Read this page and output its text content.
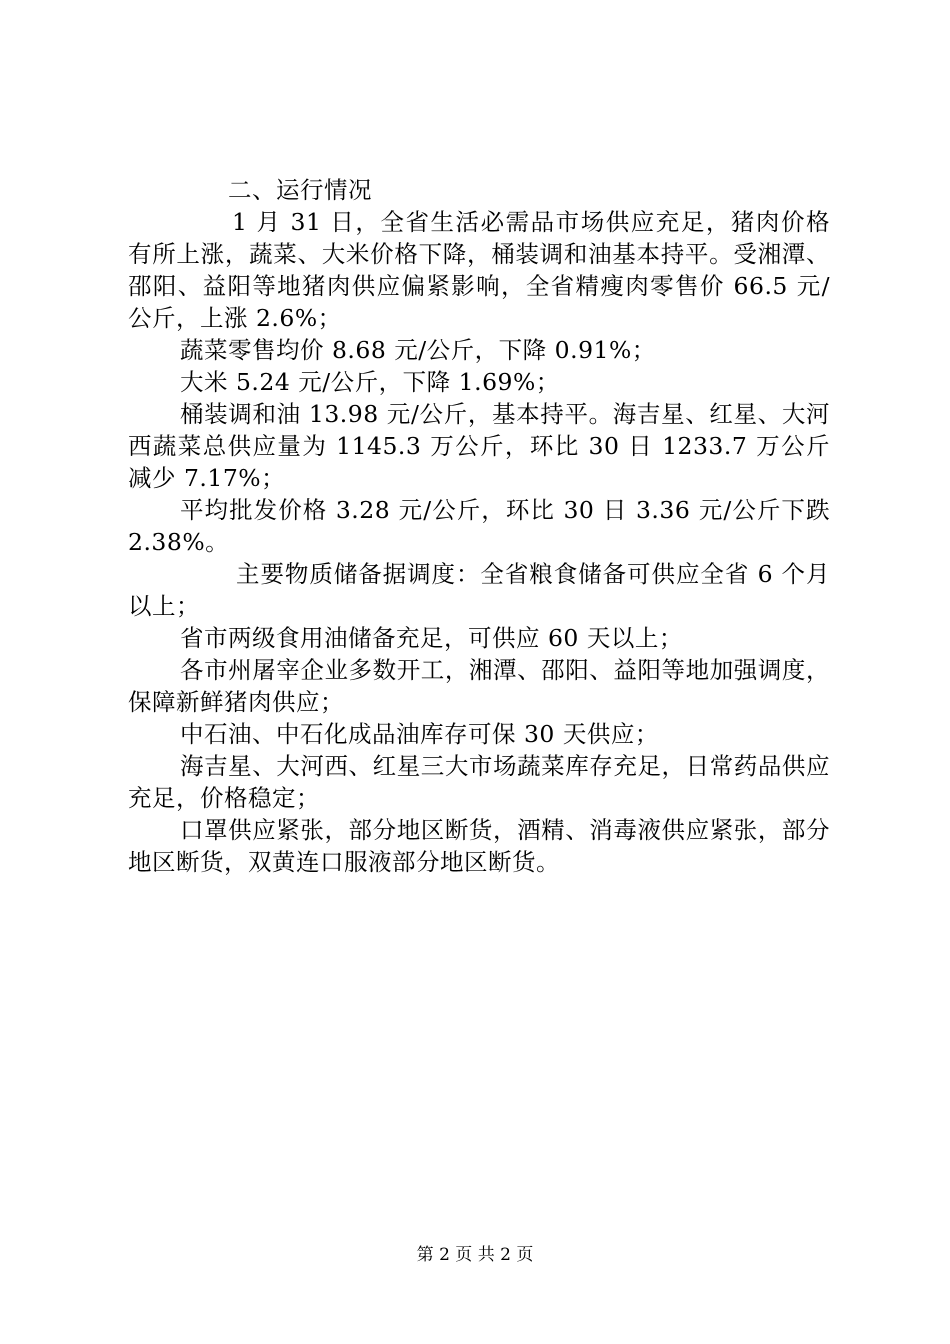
二、运行情况

1 月 31 日，全省生活必需品市场供应充足，猪肉价格有所上涨，蔬菜、大米价格下降，桶装调和油基本持平。受湘潭、邵阳、益阳等地猪肉供应偏紧影响，全省精瘦肉零售价 66.5 元/公斤，上涨 2.6%；

蔬菜零售均价 8.68 元/公斤，下降 0.91%；

大米 5.24 元/公斤，下降 1.69%；

桶装调和油 13.98 元/公斤，基本持平。海吉星、红星、大河西蔬菜总供应量为 1145.3 万公斤，环比 30 日 1233.7 万公斤减少 7.17%；

平均批发价格 3.28 元/公斤，环比 30 日 3.36 元/公斤下跌 2.38%。

主要物质储备据调度：全省粮食储备可供应全省 6 个月以上；

省市两级食用油储备充足，可供应 60 天以上；

各市州屠宰企业多数开工，湘潭、邵阳、益阳等地加强调度，保障新鲜猪肉供应；

中石油、中石化成品油库存可保 30 天供应；

海吉星、大河西、红星三大市场蔬菜库存充足，日常药品供应充足，价格稳定；

口罩供应紧张，部分地区断货，酒精、消毒液供应紧张，部分地区断货，双黄连口服液部分地区断货。

第 2 页 共 2 页
